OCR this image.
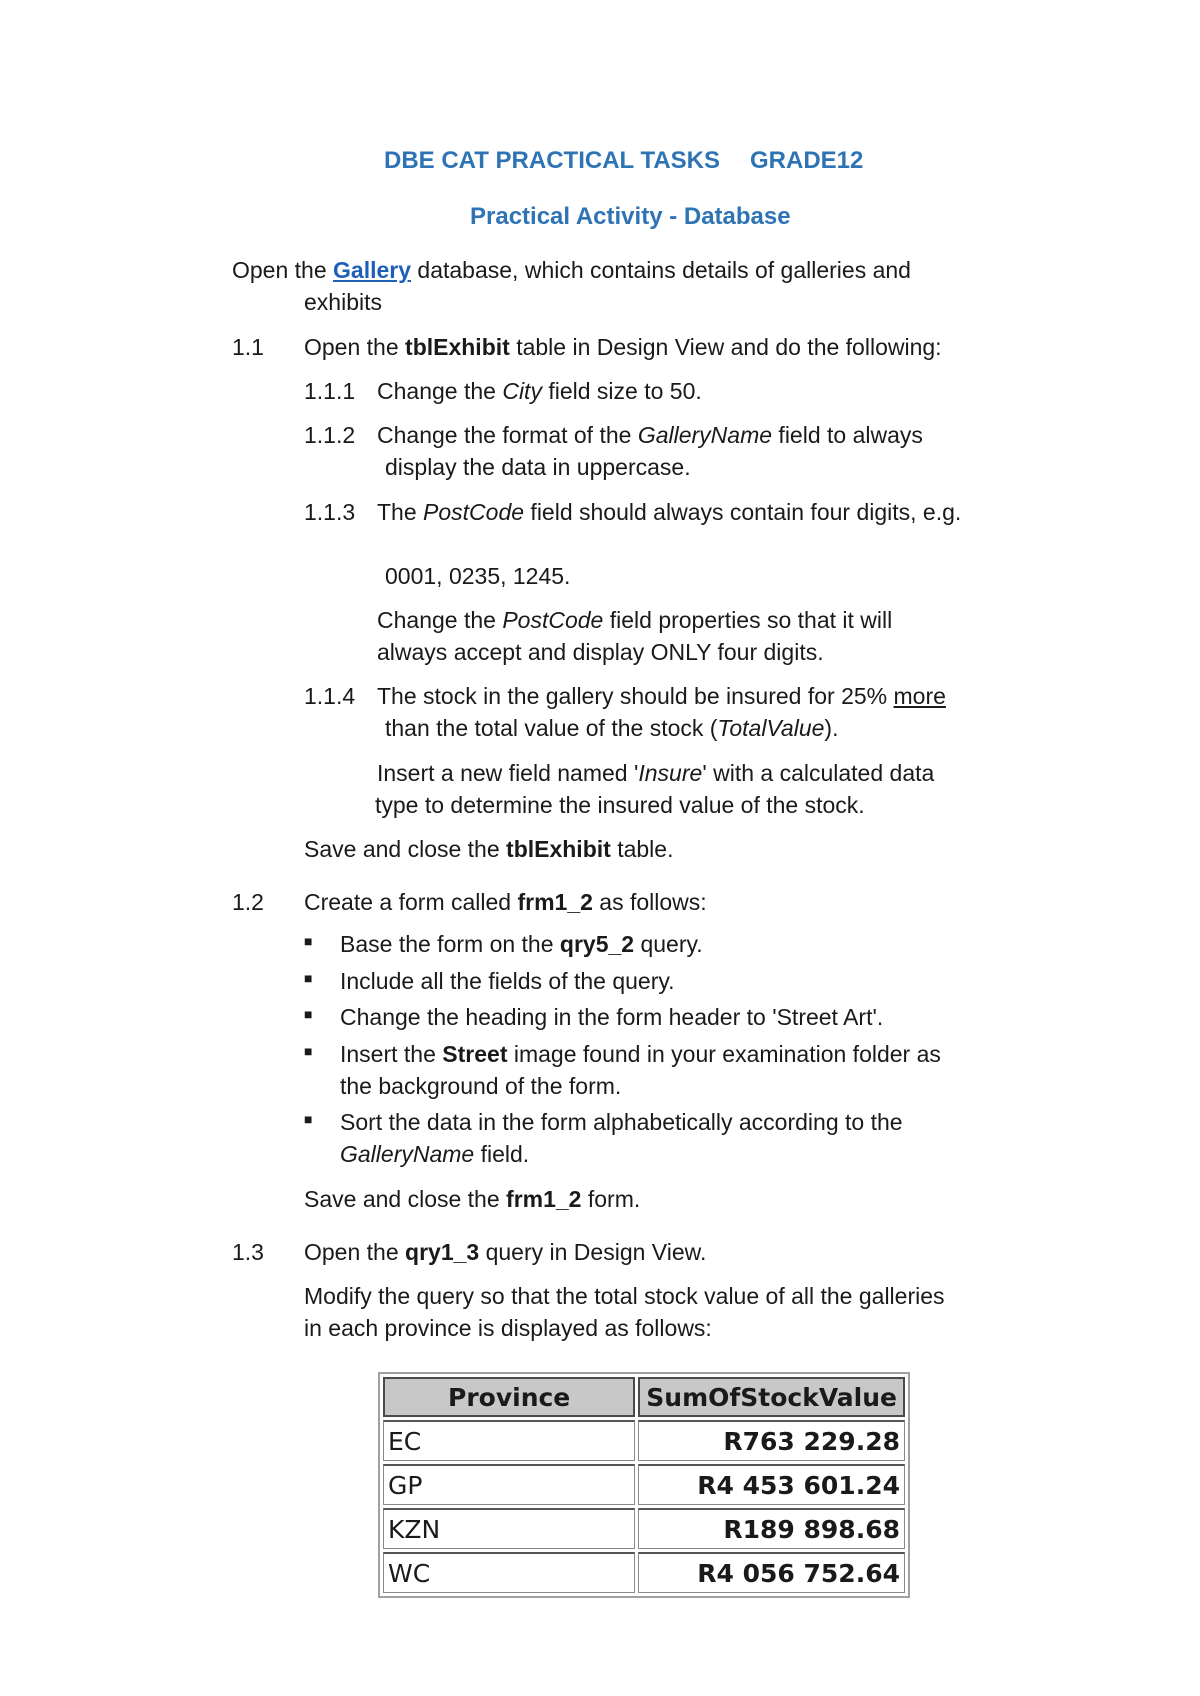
DBE CAT PRACTICAL TASKS GRADE12
Practical Activity - Database
Open the Gallery database, which contains details of galleries and
exhibits
1.1 Open the tblExhibit table in Design View and do the following:
1.1.1 Change the City field size to 50.
1.1.2 Change the format of the GalleryName field to always
display the data in uppercase.
1.1.3 The PostCode field should always contain four digits, e.g.
0001, 0235, 1245.
Change the PostCode field properties so that it will
always accept and display ONLY four digits.
1.1.4 The stock in the gallery should be insured for 25% more
than the total value of the stock (TotalValue).
Insert a new field named 'Insure' with a calculated data
type to determine the insured value of the stock.
Save and close the tblExhibit table.
1.2 Create a form called frm1_2 as follows:
■ Base the form on the qry5_2 query.
■ Include all the fields of the query.
■ Change the heading in the form header to 'Street Art'.
■ Insert the Street image found in your examination folder as
the background of the form.
■ Sort the data in the form alphabetically according to the
GalleryName field.
Save and close the frm1_2 form.
1.3 Open the qry1_3 query in Design View.
Modify the query so that the total stock value of all the galleries
in each province is displayed as follows:
Province	SumOfStockValue
EC	R763 229.28
GP	R4 453 601.24
KZN	R189 898.68
WC	R4 056 752.64
